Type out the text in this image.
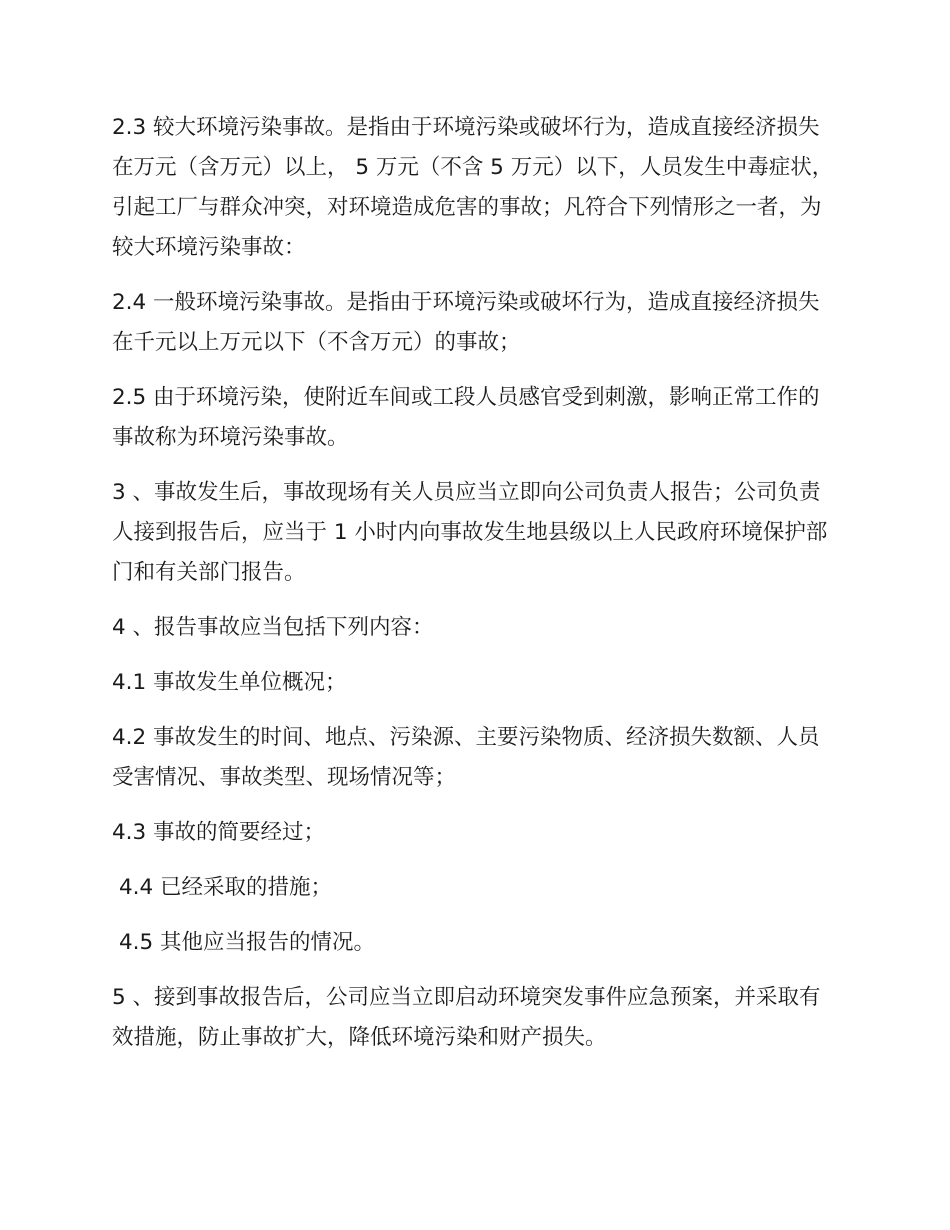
2.3 较大环境污染事故。是指由于环境污染或破坏行为，造成直接经济损失在万元（含万元）以上， 5 万元（不含 5 万元）以下，人员发生中毒症状，引起工厂与群众冲突，对环境造成危害的事故；凡符合下列情形之一者，为较大环境污染事故：

2.4 一般环境污染事故。是指由于环境污染或破坏行为，造成直接经济损失在千元以上万元以下（不含万元）的事故；

2.5 由于环境污染，使附近车间或工段人员感官受到刺激，影响正常工作的事故称为环境污染事故。

3 、事故发生后，事故现场有关人员应当立即向公司负责人报告；公司负责人接到报告后，应当于 1 小时内向事故发生地县级以上人民政府环境保护部门和有关部门报告。

4 、报告事故应当包括下列内容：

4.1 事故发生单位概况；

4.2 事故发生的时间、地点、污染源、主要污染物质、经济损失数额、人员受害情况、事故类型、现场情况等；

4.3 事故的简要经过；

4.4 已经采取的措施；

4.5 其他应当报告的情况。

5 、接到事故报告后，公司应当立即启动环境突发事件应急预案，并采取有效措施，防止事故扩大，降低环境污染和财产损失。
